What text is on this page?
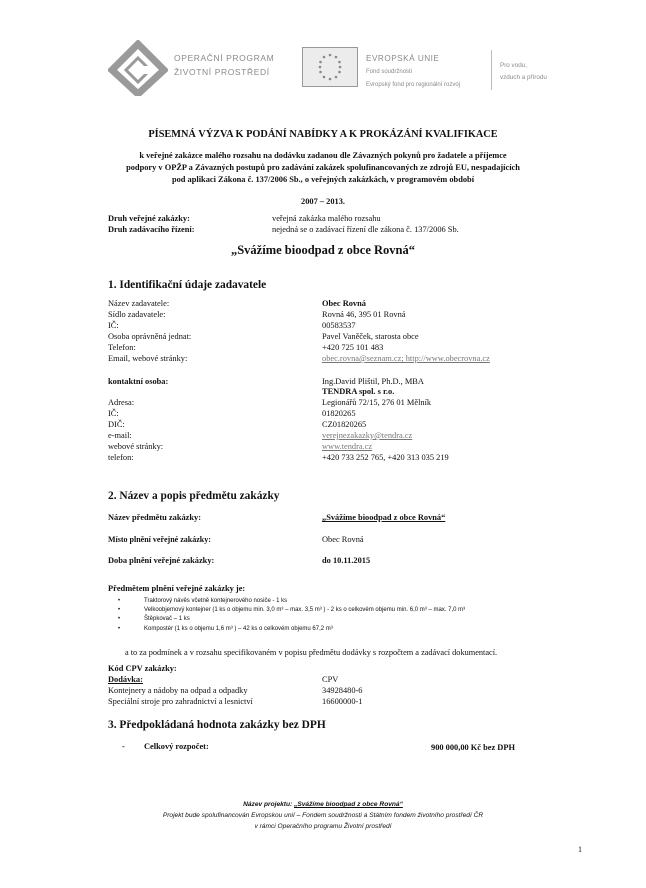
OPERAČNÍ PROGRAM
ŽIVOTNÍ PROSTŘEDÍ
EVROPSKÁ UNIE
Fond soudržnosti
Evropský fond pro regionální rozvoj
Pro vodu,
vzduch a přírodu
PÍSEMNÁ VÝZVA K PODÁNÍ NABÍDKY A K PROKÁZÁNÍ KVALIFIKACE
k veřejné zakázce malého rozsahu na dodávku zadanou dle Závazných pokynů pro žadatele a příjemce
podpory v OPŽP a Závazných postupů pro zadávání zakázek spolufinancovaných ze zdrojů EU, nespadajících
pod aplikaci Zákona č. 137/2006 Sb., o veřejných zakázkách, v programovém období
2007 – 2013.
Druh veřejné zakázky:	veřejná zakázka malého rozsahu
Druh zadávacího řízení:	nejedná se o zadávací řízení dle zákona č. 137/2006 Sb.
„Svážíme bioodpad z obce Rovná“
1. Identifikační údaje zadavatele
Název zadavatele:	Obec Rovná
Sídlo zadavatele:	Rovná 46, 395 01 Rovná
IČ:	00583537
Osoba oprávněná jednat:	Pavel Vaněček, starosta obce
Telefon:	+420 725 101 483
Email, webové stránky:	obec.rovna@seznam.cz; http://www.obecrovna.cz
kontaktní osoba:	Ing.David Plištil, Ph.D., MBA
TENDRA spol. s r.o.
Adresa:	Legionářů 72/15, 276 01 Mělník
IČ:	01820265
DIČ:	CZ01820265
e-mail:	verejnezakazky@tendra.cz
webové stránky:	www.tendra.cz
telefon:	+420 733 252 765, +420 313 035 219
2. Název a popis předmětu zakázky
Název předmětu zakázky:	„Svážíme bioodpad z obce Rovná“
Místo plnění veřejné zakázky:	Obec Rovná
Doba plnění veřejné zakázky:	do 10.11.2015
Předmětem plnění veřejné zakázky je:
•	Traktorový návěs včetně kontejnerového nosiče - 1 ks
•	Velkoobjemový kontejner (1 ks o objemu min. 3,0 m³ – max. 3,5 m³ ) - 2 ks o celkovém objemu min. 6,0 m³ – max. 7,0 m³
•	Štěpkovač – 1 ks
•	Kompostér (1 ks o objemu 1,6 m³ ) – 42 ks o celkovém objemu 67,2 m³
a to za podmínek a v rozsahu specifikovaném v popisu předmětu dodávky s rozpočtem a zadávací dokumentací.
Kód CPV zakázky:
Dodávka:	CPV
Kontejnery a nádoby na odpad a odpadky	34928480-6
Speciální stroje pro zahradnictví a lesnictví	16600000-1
3. Předpokládaná hodnota zakázky bez DPH
- Celkový rozpočet:	900 000,00 Kč bez DPH
Název projektu: „Svážíme bioodpad z obce Rovná“
Projekt bude spolufinancován Evropskou unií – Fondem soudržnosti a Státním fondem životního prostředí ČR
v rámci Operačního programu Životní prostředí
1
